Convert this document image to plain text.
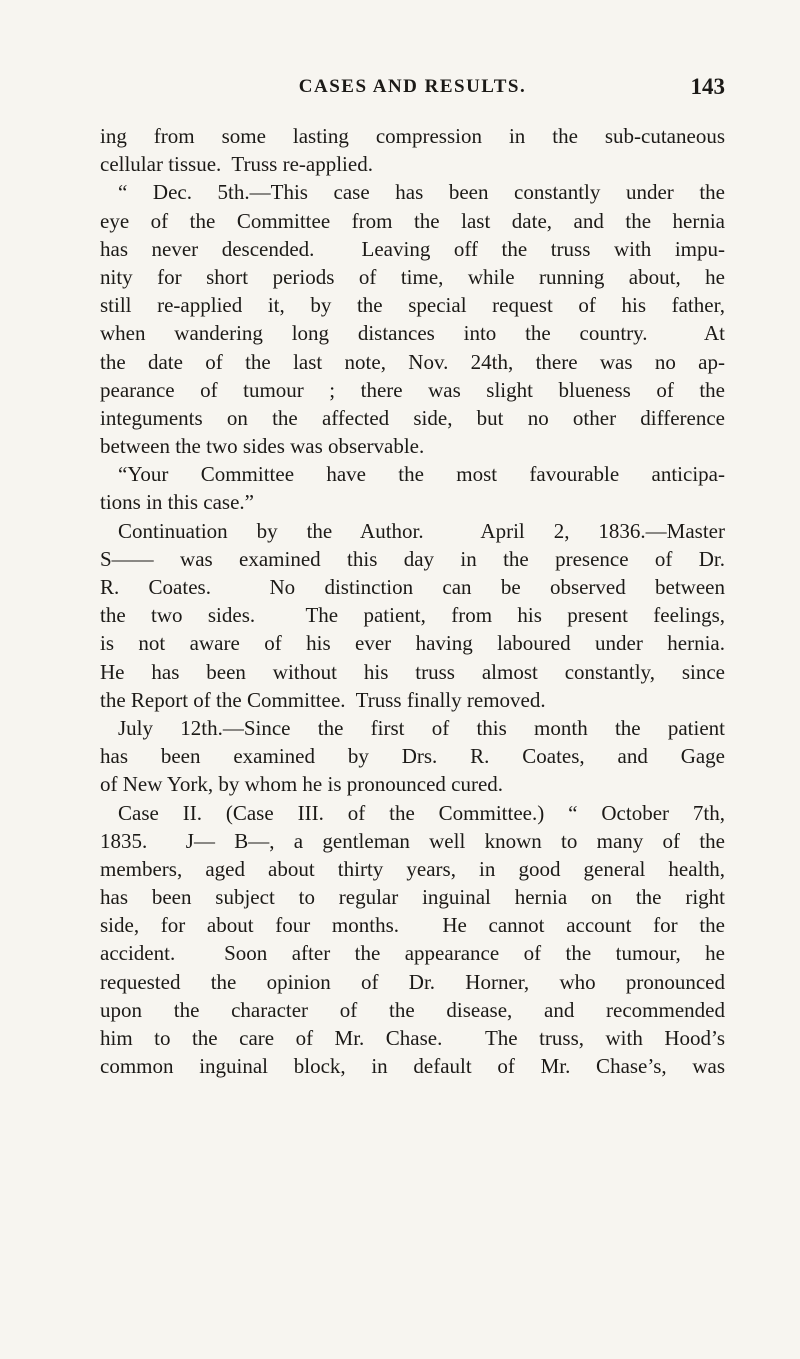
CASES AND RESULTS.	143
ing from some lasting compression in the sub-cutaneous
cellular tissue.  Truss re-applied.
“ Dec. 5th.—This case has been constantly under the
eye of the Committee from the last date, and the hernia
has never descended.  Leaving off the truss with impu-
nity for short periods of time, while running about, he
still re-applied it, by the special request of his father,
when wandering long distances into the country.  At
the date of the last note, Nov. 24th, there was no ap-
pearance of tumour ; there was slight blueness of the
integuments on the affected side, but no other difference
between the two sides was observable.
“Your Committee have the most favourable anticipa-
tions in this case.”
Continuation by the Author.  April 2, 1836.—Master
S—— was examined this day in the presence of Dr.
R. Coates.  No distinction can be observed between
the two sides.  The patient, from his present feelings,
is not aware of his ever having laboured under hernia.
He has been without his truss almost constantly, since
the Report of the Committee.  Truss finally removed.
July 12th.—Since the first of this month the patient
has been examined by Drs. R. Coates, and Gage
of New York, by whom he is pronounced cured.
Case II. (Case III. of the Committee.) “ October 7th,
1835.  J— B—, a gentleman well known to many of the
members, aged about thirty years, in good general health,
has been subject to regular inguinal hernia on the right
side, for about four months.  He cannot account for the
accident.  Soon after the appearance of the tumour, he
requested the opinion of Dr. Horner, who pronounced
upon the character of the disease, and recommended
him to the care of Mr. Chase.  The truss, with Hood’s
common inguinal block, in default of Mr. Chase’s, was
